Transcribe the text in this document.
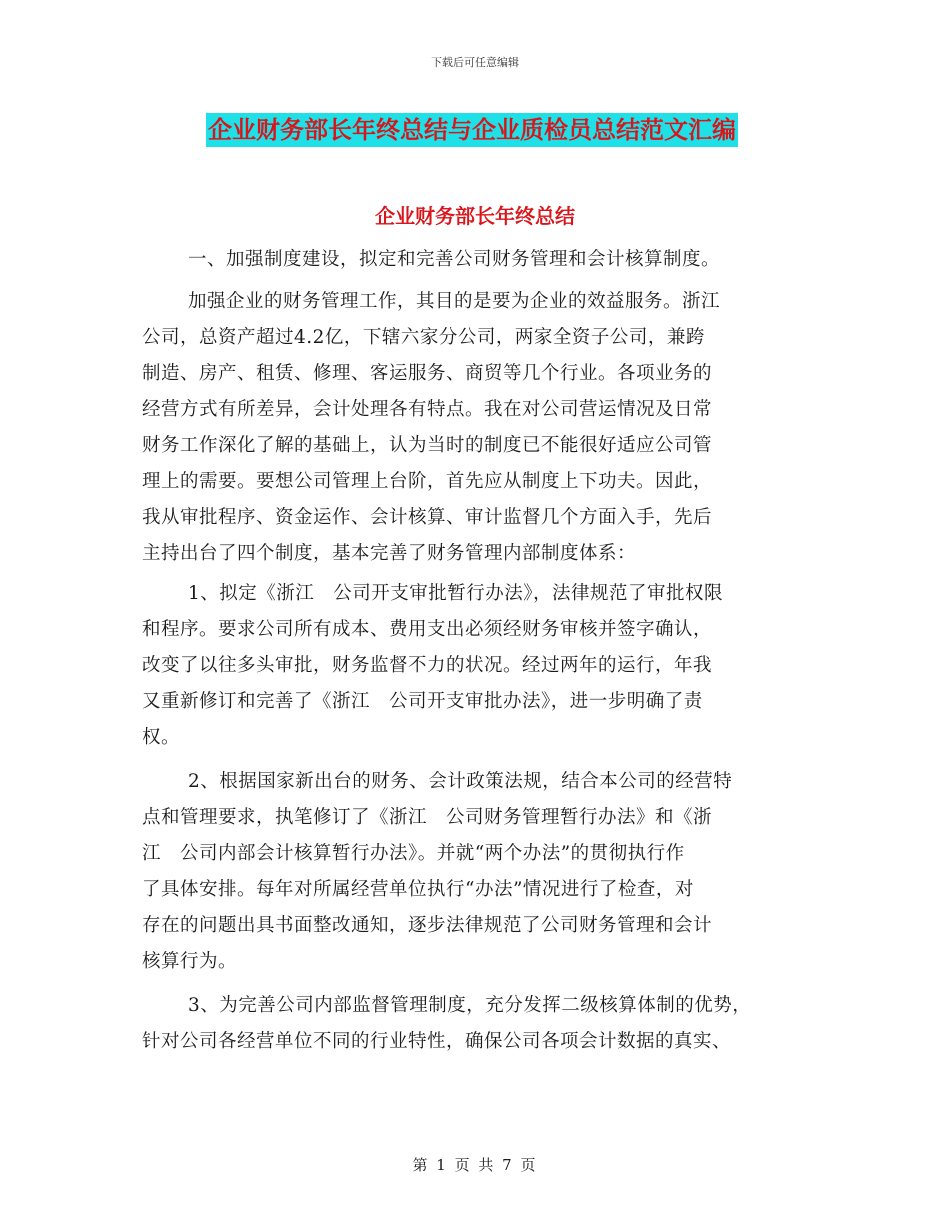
下载后可任意编辑
企业财务部长年终总结与企业质检员总结范文汇编
企业财务部长年终总结
一、加强制度建设，拟定和完善公司财务管理和会计核算制度。
加强企业的财务管理工作，其目的是要为企业的效益服务。浙江
公司，总资产超过4.2亿，下辖六家分公司，两家全资子公司，兼跨
制造、房产、租赁、修理、客运服务、商贸等几个行业。各项业务的
经营方式有所差异，会计处理各有特点。我在对公司营运情况及日常
财务工作深化了解的基础上，认为当时的制度已不能很好适应公司管
理上的需要。要想公司管理上台阶，首先应从制度上下功夫。因此，
我从审批程序、资金运作、会计核算、审计监督几个方面入手，先后
主持出台了四个制度，基本完善了财务管理内部制度体系：
1、拟定《浙江　公司开支审批暂行办法》，法律规范了审批权限
和程序。要求公司所有成本、费用支出必须经财务审核并签字确认，
改变了以往多头审批，财务监督不力的状况。经过两年的运行，年我
又重新修订和完善了《浙江　公司开支审批办法》，进一步明确了责
权。
2、根据国家新出台的财务、会计政策法规，结合本公司的经营特
点和管理要求，执笔修订了《浙江　公司财务管理暂行办法》和《浙
江　公司内部会计核算暂行办法》。并就“两个办法”的贯彻执行作
了具体安排。每年对所属经营单位执行“办法”情况进行了检查，对
存在的问题出具书面整改通知，逐步法律规范了公司财务管理和会计
核算行为。
3、为完善公司内部监督管理制度，充分发挥二级核算体制的优势，
针对公司各经营单位不同的行业特性，确保公司各项会计数据的真实、
第 1 页 共 7 页
